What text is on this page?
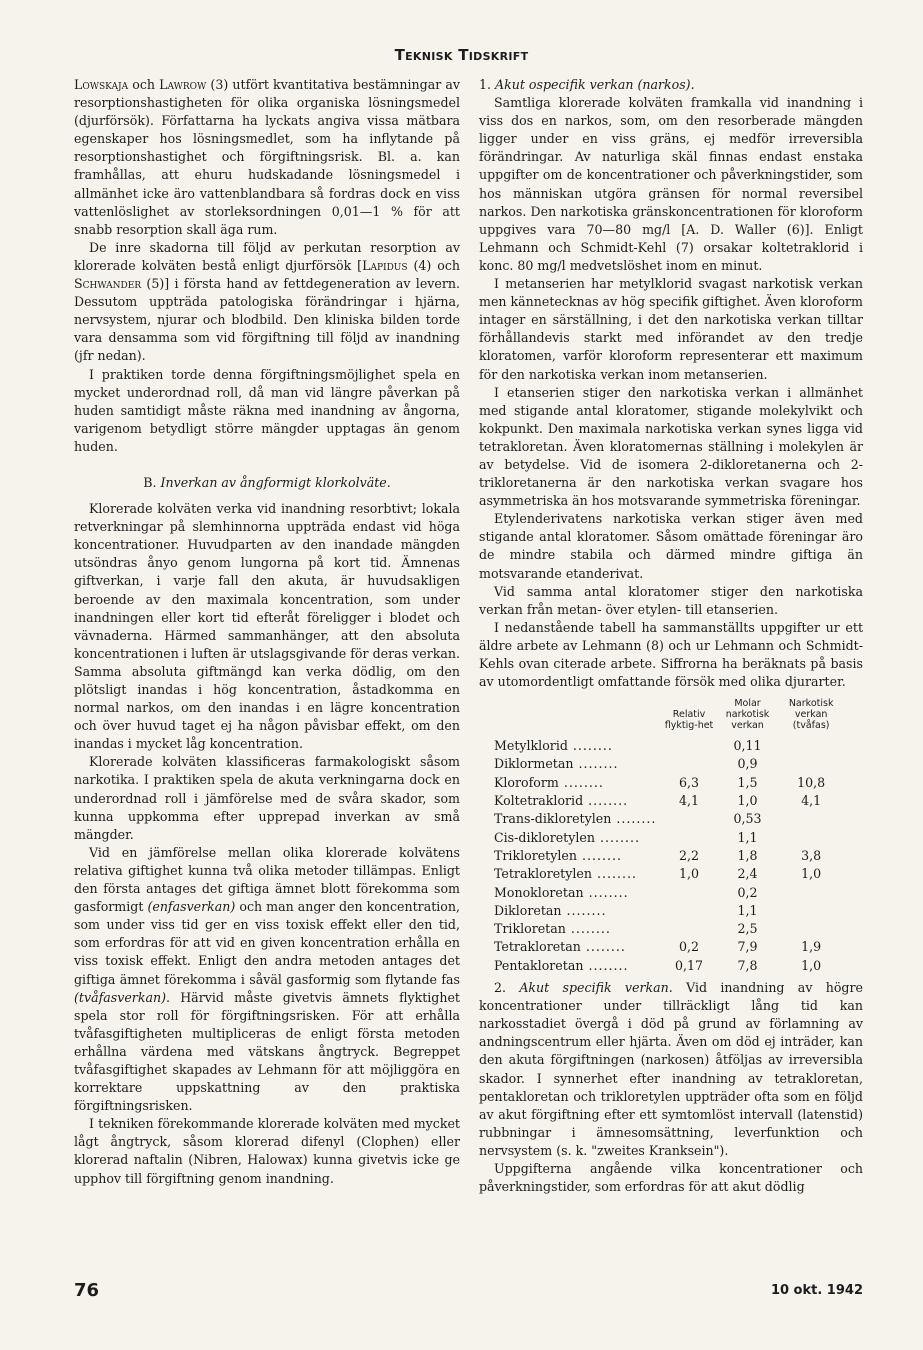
Teknisk Tidskrift

Lowskaja och Lawrow (3) utfört kvantitativa bestämningar av resorptionshastigheten för olika organiska lösningsmedel (djurförsök). Författarna ha lyckats angiva vissa mätbara egenskaper hos lösningsmedlet, som ha inflytande på resorptionshastighet och förgiftningsrisk. Bl. a. kan framhållas, att ehuru hudskadande lösningsmedel i allmänhet icke äro vattenblandbara så fordras dock en viss vattenlöslighet av storleksordningen 0,01—1 % för att snabb resorption skall äga rum.

De inre skadorna till följd av perkutan resorption av klorerade kolväten bestå enligt djurförsök [Lapidus (4) och Schwander (5)] i första hand av fettdegeneration av levern. Dessutom uppträda patologiska förändringar i hjärna, nervsystem, njurar och blodbild. Den kliniska bilden torde vara densamma som vid förgiftning till följd av inandning (jfr nedan).

I praktiken torde denna förgiftningsmöjlighet spela en mycket underordnad roll, då man vid längre påverkan på huden samtidigt måste räkna med inandning av ångorna, varigenom betydligt större mängder upptagas än genom huden.

B. Inverkan av ångformigt klorkolväte.

Klorerade kolväten verka vid inandning resorbtivt; lokala retverkningar på slemhinnorna uppträda endast vid höga koncentrationer. Huvudparten av den inandade mängden utsöndras ånyo genom lungorna på kort tid. Ämnenas giftverkan, i varje fall den akuta, är huvudsakligen beroende av den maximala koncentration, som under inandningen eller kort tid efteråt föreligger i blodet och vävnaderna. Härmed sammanhänger, att den absoluta koncentrationen i luften är utslagsgivande för deras verkan. Samma absoluta giftmängd kan verka dödlig, om den plötsligt inandas i hög koncentration, åstadkomma en normal narkos, om den inandas i en lägre koncentration och över huvud taget ej ha någon påvisbar effekt, om den inandas i mycket låg koncentration.

Klorerade kolväten klassificeras farmakologiskt såsom narkotika. I praktiken spela de akuta verkningarna dock en underordnad roll i jämförelse med de svåra skador, som kunna uppkomma efter upprepad inverkan av små mängder.

Vid en jämförelse mellan olika klorerade kolvätens relativa giftighet kunna två olika metoder tillämpas. Enligt den första antages det giftiga ämnet blott förekomma som gasformigt (enfasverkan) och man anger den koncentration, som under viss tid ger en viss toxisk effekt eller den tid, som erfordras för att vid en given koncentration erhålla en viss toxisk effekt. Enligt den andra metoden antages det giftiga ämnet förekomma i såväl gasformig som flytande fas (tvåfasverkan). Härvid måste givetvis ämnets flyktighet spela stor roll för förgiftningsrisken. För att erhålla tvåfasgiftigheten multipliceras de enligt första metoden erhållna värdena med vätskans ångtryck. Begreppet tvåfasgiftighet skapades av Lehmann för att möjliggöra en korrektare uppskattning av den praktiska förgiftningsrisken.

I tekniken förekommande klorerade kolväten med mycket lågt ångtryck, såsom klorerad difenyl (Clophen) eller klorerad naftalin (Nibren, Halowax) kunna givetvis icke ge upphov till förgiftning genom inandning.

1. Akut ospecifik verkan (narkos).

Samtliga klorerade kolväten framkalla vid inandning i viss dos en narkos, som, om den resorberade mängden ligger under en viss gräns, ej medför irreversibla förändringar. Av naturliga skäl finnas endast enstaka uppgifter om de koncentrationer och påverkningstider, som hos människan utgöra gränsen för normal reversibel narkos. Den narkotiska gränskoncentrationen för kloroform uppgives vara 70—80 mg/l [A. D. Waller (6)]. Enligt Lehmann och Schmidt-Kehl (7) orsakar koltetraklorid i konc. 80 mg/l medvetslöshet inom en minut.

I metanserien har metylklorid svagast narkotisk verkan men kännetecknas av hög specifik giftighet. Även kloroform intager en särställning, i det den narkotiska verkan tilltar förhållandevis starkt med införandet av den tredje kloratomen, varför kloroform representerar ett maximum för den narkotiska verkan inom metanserien.

I etanserien stiger den narkotiska verkan i allmänhet med stigande antal kloratomer, stigande molekylvikt och kokpunkt. Den maximala narkotiska verkan synes ligga vid tetrakloretan. Även kloratomernas ställning i molekylen är av betydelse. Vid de isomera 2-dikloretanerna och 2-trikloretanerna är den narkotiska verkan svagare hos asymmetriska än hos motsvarande symmetriska föreningar.

Etylenderivatens narkotiska verkan stiger även med stigande antal kloratomer. Såsom omättade föreningar äro de mindre stabila och därmed mindre giftiga än motsvarande etanderivat.

Vid samma antal kloratomer stiger den narkotiska verkan från metan- över etylen- till etanserien.

I nedanstående tabell ha sammanställts uppgifter ur ett äldre arbete av Lehmann (8) och ur Lehmann och Schmidt-Kehls ovan citerade arbete. Siffrorna ha beräknats på basis av utomordentligt omfattande försök med olika djurarter.

	Relativ flyktig-het	Molar narkotisk verkan	Narkotisk verkan (tvåfas)
Metylklorid .....		0,11	
Diklormetan .....		0,9	
Kloroform .....	6,3	1,5	10,8
Koltetraklorid .....	4,1	1,0	4,1
Trans-dikloretylen .....		0,53	
Cis-dikloretylen .....		1,1	
Trikloretylen .....	2,2	1,8	3,8
Tetrakloretylen .....	1,0	2,4	1,0
Monokloretan .....		0,2	
Dikloretan .....		1,1	
Trikloretan .....		2,5	
Tetrakloretan .....	0,2	7,9	1,9
Pentakloretan .....	0,17	7,8	1,0

2. Akut specifik verkan. Vid inandning av högre koncentrationer under tillräckligt lång tid kan narkosstadiet övergå i död på grund av förlamning av andningscentrum eller hjärta. Även om död ej inträder, kan den akuta förgiftningen (narkosen) åtföljas av irreversibla skador. I synnerhet efter inandning av tetrakloretan, pentakloretan och trikloretylen uppträder ofta som en följd av akut förgiftning efter ett symtomlöst intervall (latenstid) rubbningar i ämnesomsättning, leverfunktion och nervsystem (s. k. "zweites Kranksein").

Uppgifterna angående vilka koncentrationer och påverkningstider, som erfordras för att akut dödlig

76	10 okt. 1942
